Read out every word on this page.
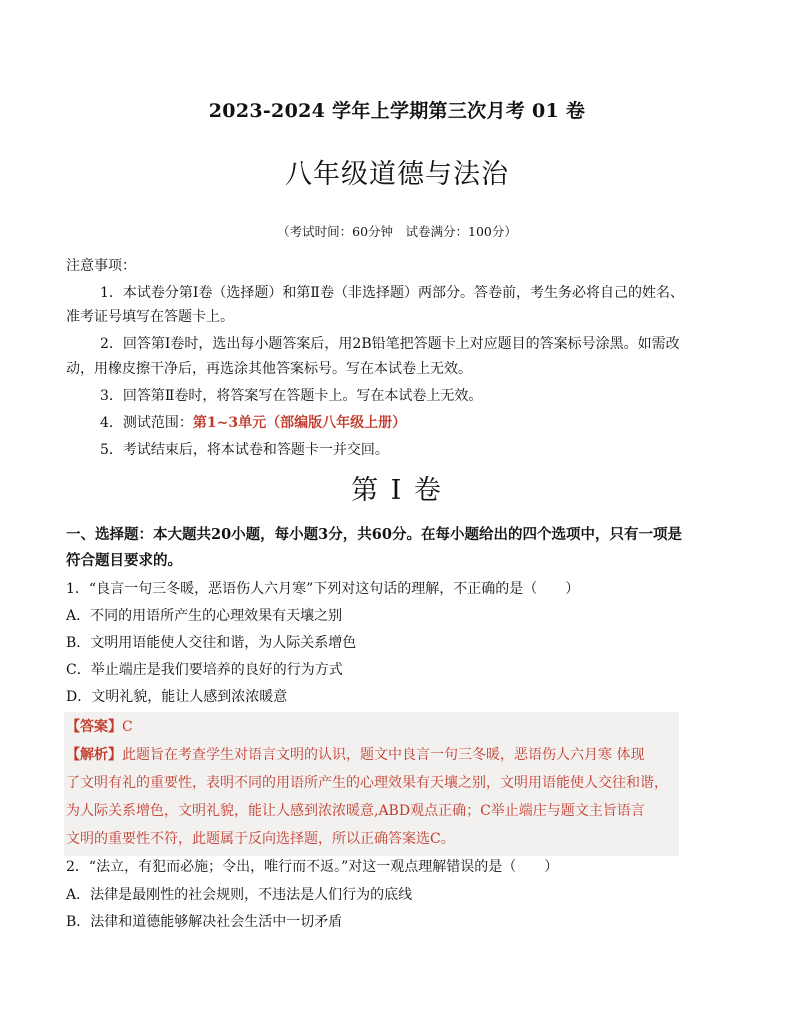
2023-2024 学年上学期第三次月考 01 卷
八年级道德与法治
（考试时间：60分钟　试卷满分：100分）
注意事项：
1．本试卷分第Ⅰ卷（选择题）和第Ⅱ卷（非选择题）两部分。答卷前，考生务必将自己的姓名、
准考证号填写在答题卡上。
2．回答第Ⅰ卷时，选出每小题答案后，用2B铅笔把答题卡上对应题目的答案标号涂黑。如需改
动，用橡皮擦干净后，再选涂其他答案标号。写在本试卷上无效。
3．回答第Ⅱ卷时，将答案写在答题卡上。写在本试卷上无效。
4．测试范围：第1~3单元（部编版八年级上册）
5．考试结束后，将本试卷和答题卡一并交回。
第 I 卷
一、选择题：本大题共20小题，每小题3分，共60分。在每小题给出的四个选项中，只有一项是
符合题目要求的。
1．“良言一句三冬暖，恶语伤人六月寒”下列对这句话的理解，不正确的是（　　）
A．不同的用语所产生的心理效果有天壤之别
B．文明用语能使人交往和谐，为人际关系增色
C．举止端庄是我们要培养的良好的行为方式
D．文明礼貌，能让人感到浓浓暖意
【答案】C
【解析】此题旨在考查学生对语言文明的认识，题文中良言一句三冬暖，恶语伤人六月寒 体现
了文明有礼的重要性，表明不同的用语所产生的心理效果有天壤之别，文明用语能使人交往和谐，
为人际关系增色，文明礼貌，能让人感到浓浓暖意,ABD观点正确；C举止端庄与题文主旨语言
文明的重要性不符，此题属于反向选择题，所以正确答案选C。
2．“法立，有犯而必施；令出，唯行而不返。”对这一观点理解错误的是（　　）
A．法律是最刚性的社会规则，不违法是人们行为的底线
B．法律和道德能够解决社会生活中一切矛盾
